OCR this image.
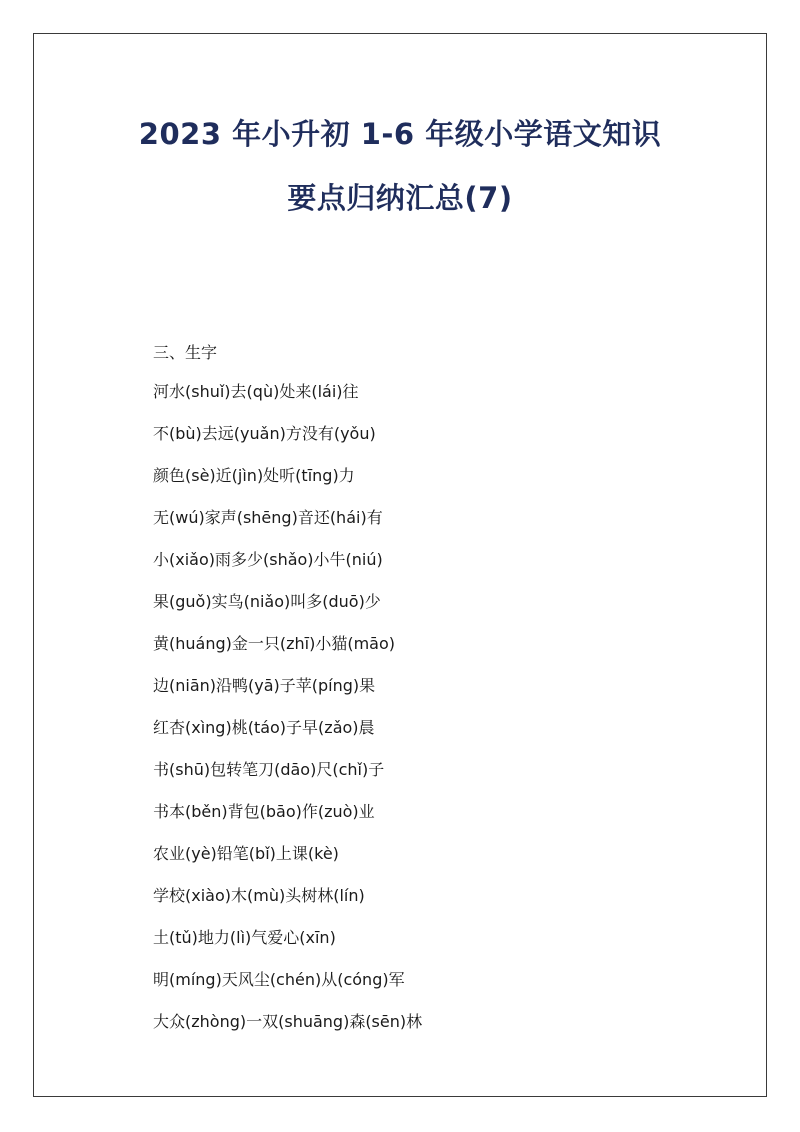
2023 年小升初 1-6 年级小学语文知识
要点归纳汇总(7)
三、生字
河水(shuǐ)去(qù)处来(lái)往
不(bù)去远(yuǎn)方没有(yǒu)
颜色(sè)近(jìn)处听(tīng)力
无(wú)家声(shēng)音还(hái)有
小(xiǎo)雨多少(shǎo)小牛(niú)
果(guǒ)实鸟(niǎo)叫多(duō)少
黄(huáng)金一只(zhī)小猫(māo)
边(niān)沿鸭(yā)子苹(píng)果
红杏(xìng)桃(táo)子早(zǎo)晨
书(shū)包转笔刀(dāo)尺(chǐ)子
书本(běn)背包(bāo)作(zuò)业
农业(yè)铅笔(bǐ)上课(kè)
学校(xiào)木(mù)头树林(lín)
土(tǔ)地力(lì)气爱心(xīn)
明(míng)天风尘(chén)从(cóng)军
大众(zhòng)一双(shuāng)森(sēn)林
